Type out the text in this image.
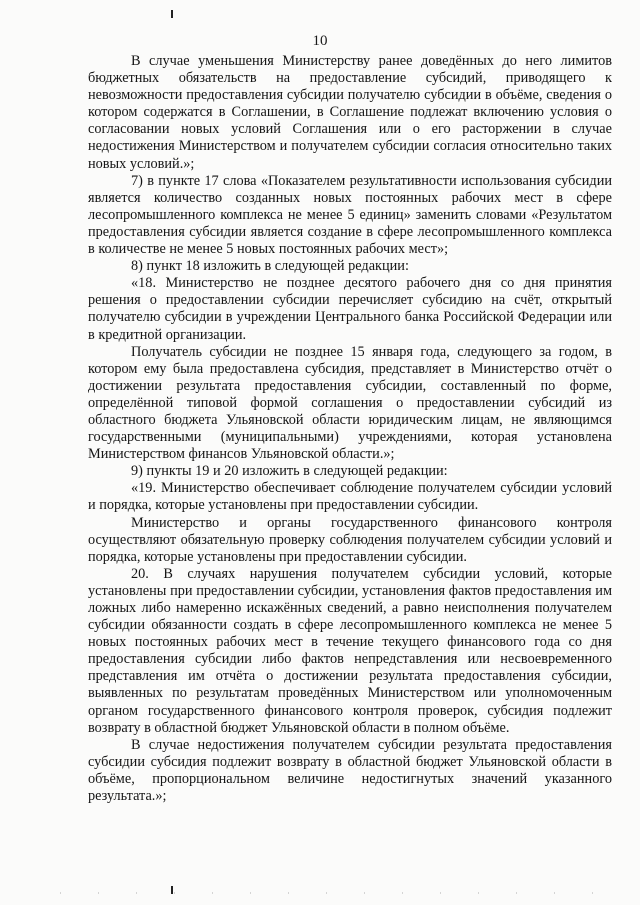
10

В случае уменьшения Министерству ранее доведённых до него лимитов бюджетных обязательств на предоставление субсидий, приводящего к невозможности предоставления субсидии получателю субсидии в объёме, сведения о котором содержатся в Соглашении, в Соглашение подлежат включению условия о согласовании новых условий Соглашения или о его расторжении в случае недостижения Министерством и получателем субсидии согласия относительно таких новых условий.»;

7) в пункте 17 слова «Показателем результативности использования субсидии является количество созданных новых постоянных рабочих мест в сфере лесопромышленного комплекса не менее 5 единиц» заменить словами «Результатом предоставления субсидии является создание в сфере лесопромышленного комплекса в количестве не менее 5 новых постоянных рабочих мест»;

8) пункт 18 изложить в следующей редакции:

«18. Министерство не позднее десятого рабочего дня со дня принятия решения о предоставлении субсидии перечисляет субсидию на счёт, открытый получателю субсидии в учреждении Центрального банка Российской Федерации или в кредитной организации.

Получатель субсидии не позднее 15 января года, следующего за годом, в котором ему была предоставлена субсидия, представляет в Министерство отчёт о достижении результата предоставления субсидии, составленный по форме, определённой типовой формой соглашения о предоставлении субсидий из областного бюджета Ульяновской области юридическим лицам, не являющимся государственными (муниципальными) учреждениями, которая установлена Министерством финансов Ульяновской области.»;

9) пункты 19 и 20 изложить в следующей редакции:

«19. Министерство обеспечивает соблюдение получателем субсидии условий и порядка, которые установлены при предоставлении субсидии.

Министерство и органы государственного финансового контроля осуществляют обязательную проверку соблюдения получателем субсидии условий и порядка, которые установлены при предоставлении субсидии.

20. В случаях нарушения получателем субсидии условий, которые установлены при предоставлении субсидии, установления фактов предоставления им ложных либо намеренно искажённых сведений, а равно неисполнения получателем субсидии обязанности создать в сфере лесопромышленного комплекса не менее 5 новых постоянных рабочих мест в течение текущего финансового года со дня предоставления субсидии либо фактов непредставления или несвоевременного представления им отчёта о достижении результата предоставления субсидии, выявленных по результатам проведённых Министерством или уполномоченным органом государственного финансового контроля проверок, субсидия подлежит возврату в областной бюджет Ульяновской области в полном объёме.

В случае недостижения получателем субсидии результата предоставления субсидии субсидия подлежит возврату в областной бюджет Ульяновской области в объёме, пропорциональном величине недостигнутых значений указанного результата.»;
